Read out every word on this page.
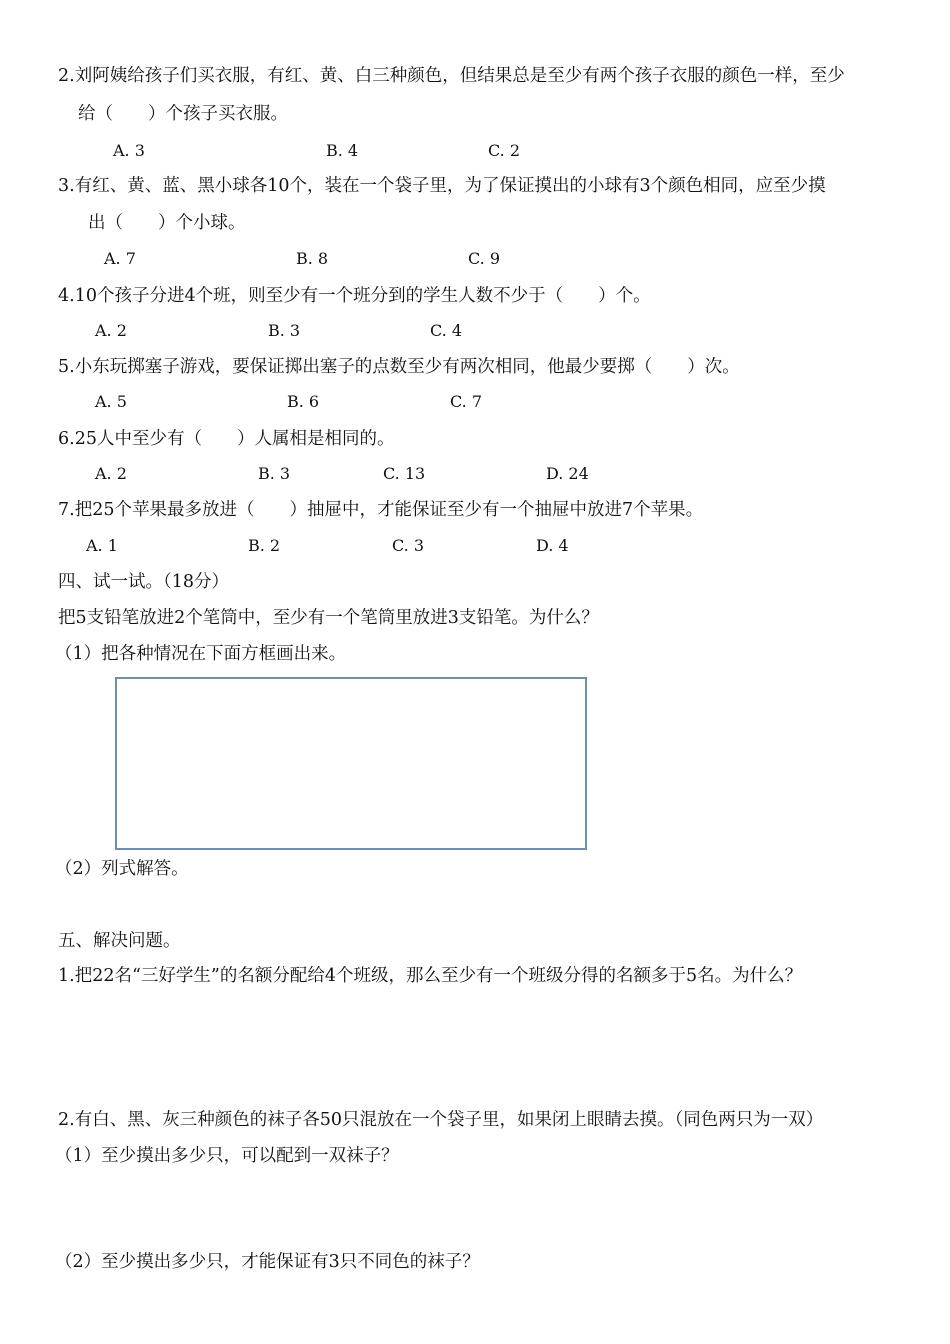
2.刘阿姨给孩子们买衣服，有红、黄、白三种颜色，但结果总是至少有两个孩子衣服的颜色一样，至少
给（　　）个孩子买衣服。
A. 3	B. 4	C. 2
3.有红、黄、蓝、黑小球各10个，装在一个袋子里，为了保证摸出的小球有3个颜色相同，应至少摸
出（　　）个小球。
A. 7	B. 8	C. 9
4.10个孩子分进4个班，则至少有一个班分到的学生人数不少于（　　）个。
A. 2	B. 3	C. 4
5.小东玩掷塞子游戏，要保证掷出塞子的点数至少有两次相同，他最少要掷（　　）次。
A. 5	B. 6	C. 7
6.25人中至少有（　　）人属相是相同的。
A. 2	B. 3	C. 13	D. 24
7.把25个苹果最多放进（　　）抽屉中，才能保证至少有一个抽屉中放进7个苹果。
A. 1	B. 2	C. 3	D. 4
四、试一试。（18分）
把5支铅笔放进2个笔筒中，至少有一个笔筒里放进3支铅笔。为什么？
（1）把各种情况在下面方框画出来。
（2）列式解答。
五、解决问题。
1.把22名“三好学生”的名额分配给4个班级，那么至少有一个班级分得的名额多于5名。为什么？
2.有白、黑、灰三种颜色的袜子各50只混放在一个袋子里，如果闭上眼睛去摸。（同色两只为一双）
（1）至少摸出多少只，可以配到一双袜子？
（2）至少摸出多少只，才能保证有3只不同色的袜子？
